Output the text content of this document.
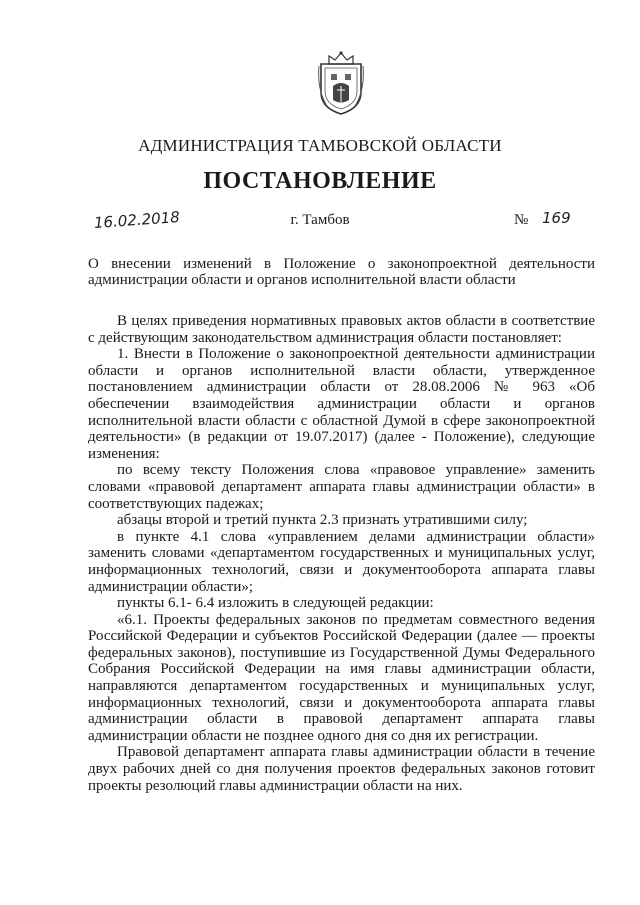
АДМИНИСТРАЦИЯ ТАМБОВСКОЙ ОБЛАСТИ
ПОСТАНОВЛЕНИЕ
16.02.2018	г. Тамбов	№ 169
О внесении изменений в Положение о законопроектной деятельности администрации области и органов исполнительной власти области

В целях приведения нормативных правовых актов области в соответствие с действующим законодательством администрация области постановляет:

1. Внести в Положение о законопроектной деятельности администрации области и органов исполнительной власти области, утвержденное постановлением администрации области от 28.08.2006 № 963 «Об обеспечении взаимодействия администрации области и органов исполнительной власти области с областной Думой в сфере законопроектной деятельности» (в редакции от 19.07.2017) (далее - Положение), следующие изменения:

по всему тексту Положения слова «правовое управление» заменить словами «правовой департамент аппарата главы администрации области» в соответствующих падежах;

абзацы второй и третий пункта 2.3 признать утратившими силу;

в пункте 4.1 слова «управлением делами администрации области» заменить словами «департаментом государственных и муниципальных услуг, информационных технологий, связи и документооборота аппарата главы администрации области»;

пункты 6.1- 6.4 изложить в следующей редакции:

«6.1. Проекты федеральных законов по предметам совместного ведения Российской Федерации и субъектов Российской Федерации (далее — проекты федеральных законов), поступившие из Государственной Думы Федерального Собрания Российской Федерации на имя главы администрации области, направляются департаментом государственных и муниципальных услуг, информационных технологий, связи и документооборота аппарата главы администрации области в правовой департамент аппарата главы администрации области не позднее одного дня со дня их регистрации.

Правовой департамент аппарата главы администрации области в течение двух рабочих дней со дня получения проектов федеральных законов готовит проекты резолюций главы администрации области на них.
